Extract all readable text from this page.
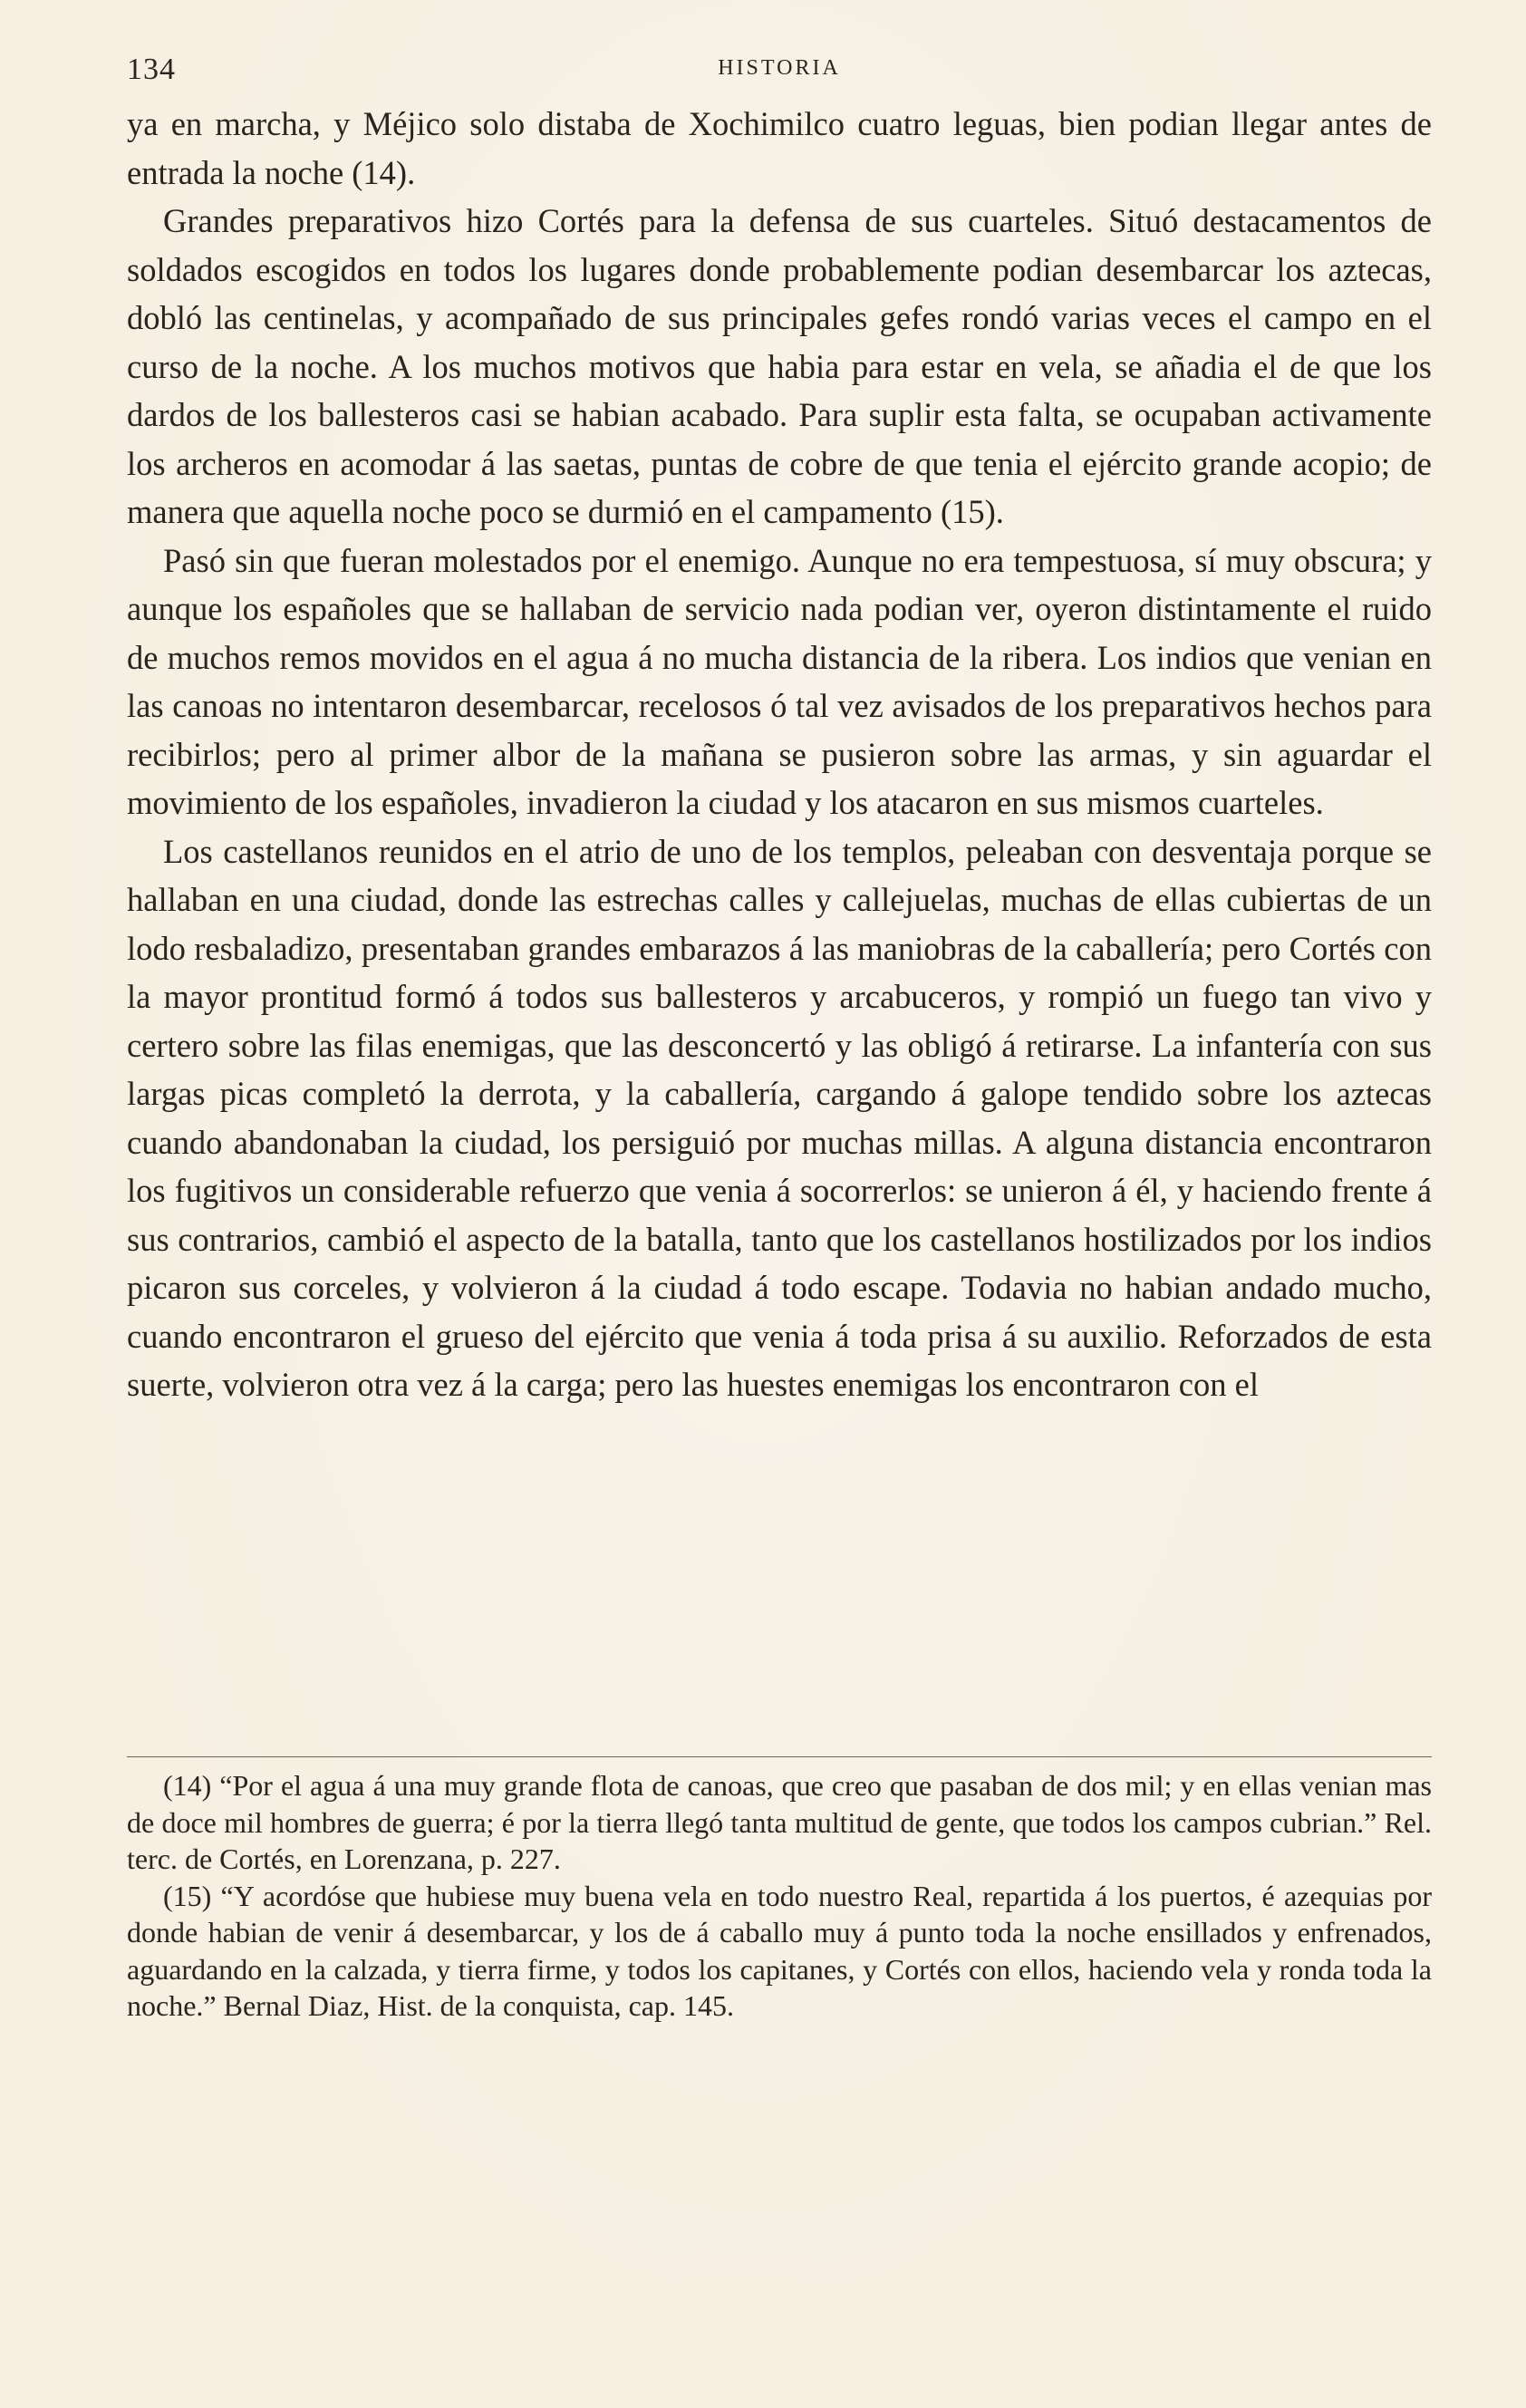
134	HISTORIA

ya en marcha, y Méjico solo distaba de Xochimilco cuatro leguas, bien podian llegar antes de entrada la noche (14).

Grandes preparativos hizo Cortés para la defensa de sus cuarteles. Situó destacamentos de soldados escogidos en todos los lugares donde probablemente podian desembarcar los aztecas, dobló las centinelas, y acompañado de sus principales gefes rondó varias veces el campo en el curso de la noche. A los muchos motivos que habia para estar en vela, se añadia el de que los dardos de los ballesteros casi se habian acabado. Para suplir esta falta, se ocupaban activamente los archeros en acomodar á las saetas, puntas de cobre de que tenia el ejército grande acopio; de manera que aquella noche poco se durmió en el campamento (15).

Pasó sin que fueran molestados por el enemigo. Aunque no era tempestuosa, sí muy obscura; y aunque los españoles que se hallaban de servicio nada podian ver, oyeron distintamente el ruido de muchos remos movidos en el agua á no mucha distancia de la ribera. Los indios que venian en las canoas no intentaron desembarcar, recelosos ó tal vez avisados de los preparativos hechos para recibirlos; pero al primer albor de la mañana se pusieron sobre las armas, y sin aguardar el movimiento de los españoles, invadieron la ciudad y los atacaron en sus mismos cuarteles.

Los castellanos reunidos en el atrio de uno de los templos, peleaban con desventaja porque se hallaban en una ciudad, donde las estrechas calles y callejuelas, muchas de ellas cubiertas de un lodo resbaladizo, presentaban grandes embarazos á las maniobras de la caballería; pero Cortés con la mayor prontitud formó á todos sus ballesteros y arcabuceros, y rompió un fuego tan vivo y certero sobre las filas enemigas, que las desconcertó y las obligó á retirarse. La infantería con sus largas picas completó la derrota, y la caballería, cargando á galope tendido sobre los aztecas cuando abandonaban la ciudad, los persiguió por muchas millas. A alguna distancia encontraron los fugitivos un considerable refuerzo que venia á socorrerlos: se unieron á él, y haciendo frente á sus contrarios, cambió el aspecto de la batalla, tanto que los castellanos hostilizados por los indios picaron sus corceles, y volvieron á la ciudad á todo escape. Todavia no habian andado mucho, cuando encontraron el grueso del ejército que venia á toda prisa á su auxilio. Reforzados de esta suerte, volvieron otra vez á la carga; pero las huestes enemigas los encontraron con el

(14) “Por el agua á una muy grande flota de canoas, que creo que pasaban de dos mil; y en ellas venian mas de doce mil hombres de guerra; é por la tierra llegó tanta multitud de gente, que todos los campos cubrian.” Rel. terc. de Cortés, en Lorenzana, p. 227.

(15) “Y acordóse que hubiese muy buena vela en todo nuestro Real, repartida á los puertos, é azequias por donde habian de venir á desembarcar, y los de á caballo muy á punto toda la noche ensillados y enfrenados, aguardando en la calzada, y tierra firme, y todos los capitanes, y Cortés con ellos, haciendo vela y ronda toda la noche.” Bernal Diaz, Hist. de la conquista, cap. 145.
